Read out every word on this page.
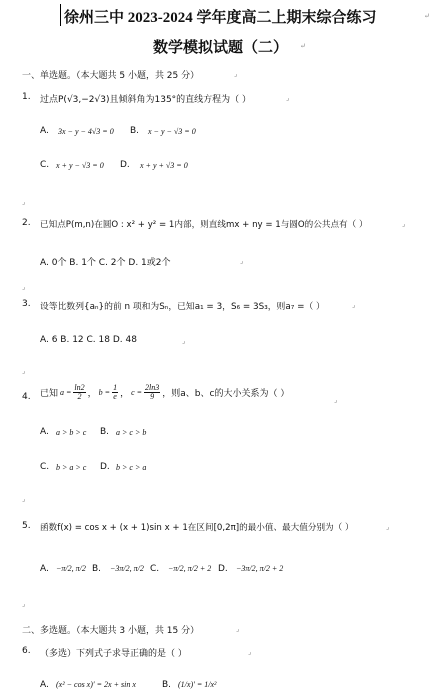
徐州三中 2023-2024 学年度高二上期末综合练习	↵
数学模拟试题（二） ↵
一、单选题。（本大题共 5 小题，共 25 分）	⌟
1. 过点P(√3,−2√3)且倾斜角为135°的直线方程为（ ）	⌟
A. 3x − y − 4√3 = 0 B. x − y − √3 = 0
C. x + y − √3 = 0 D. x + y + √3 = 0
⌟
2. 已知点P(m,n)在圆O : x² + y² = 1内部，则直线mx + ny = 1与圆O的公共点有（ ）	⌟
A. 0个 B. 1个 C. 2个 D. 1或2个	⌟
⌟
3. 设等比数列{aₙ}的前 n 项和为Sₙ，已知a₁ = 3，S₆ = 3S₃，则a₇ =（ ）	⌟
A. 6 B. 12 C. 18 D. 48	⌟
⌟
4. 已知 $a = \frac{\ln 2}{2}$ ， $b = \frac{1}{e}$ ， $c = \frac{2\ln 3}{9}$ ，则a、b、c的大小关系为（ ）
⌟
A. a > b > c B. a > c > b
C. b > a > c D. b > c > a
⌟
5. 函数f(x) = cos x + (x + 1)sin x + 1在区间[0,2π]的最小值、最大值分别为（ ）	⌟
A. −π/2, π/2 B. −3π/2, π/2 C. −π/2, π/2 + 2 D. −3π/2, π/2 + 2
⌟
二、多选题。（本大题共 3 小题，共 15 分）	⌟
6. （多选）下列式子求导正确的是（ ）	⌟
A. (x² − cos x)′ = 2x + sin x	B. (1/x)′ = 1/x²
